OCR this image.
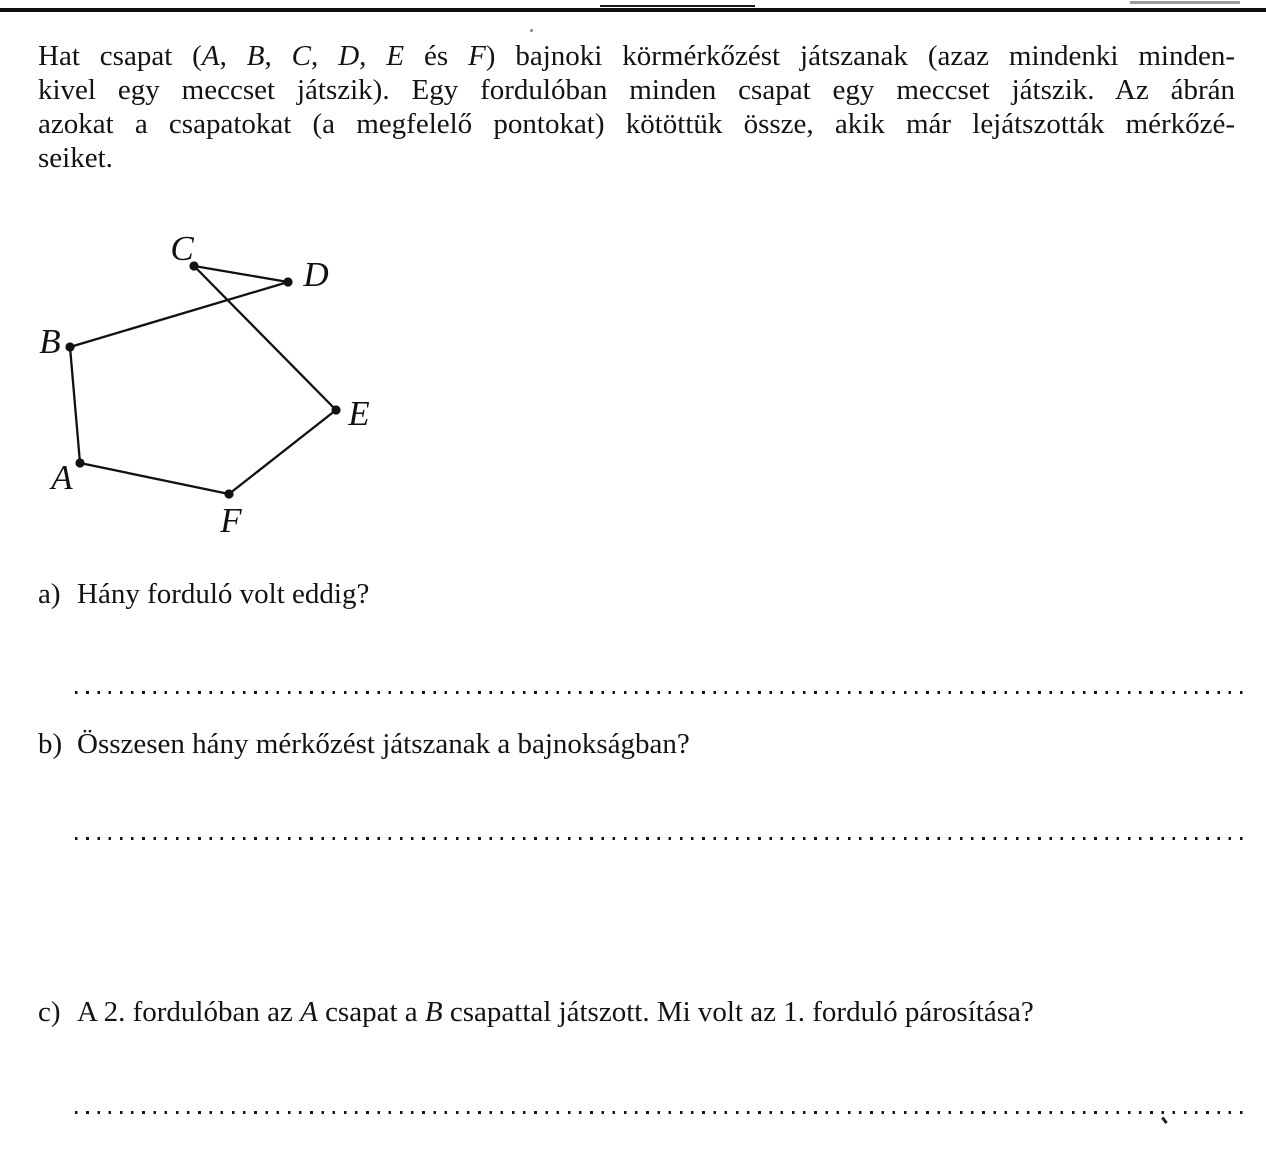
Hat csapat (A, B, C, D, E és F) bajnoki körmérkőzést játszanak (azaz mindenki minden-
kivel egy meccset játszik). Egy fordulóban minden csapat egy meccset játszik. Az ábrán
azokat a csapatokat (a megfelelő pontokat) kötöttük össze, akik már lejátszották mérkőzé-
seiket.
A
B
C
D
E
F
a) Hány forduló volt eddig?
b) Összesen hány mérkőzést játszanak a bajnokságban?
c) A 2. fordulóban az A csapat a B csapattal játszott. Mi volt az 1. forduló párosítása?
